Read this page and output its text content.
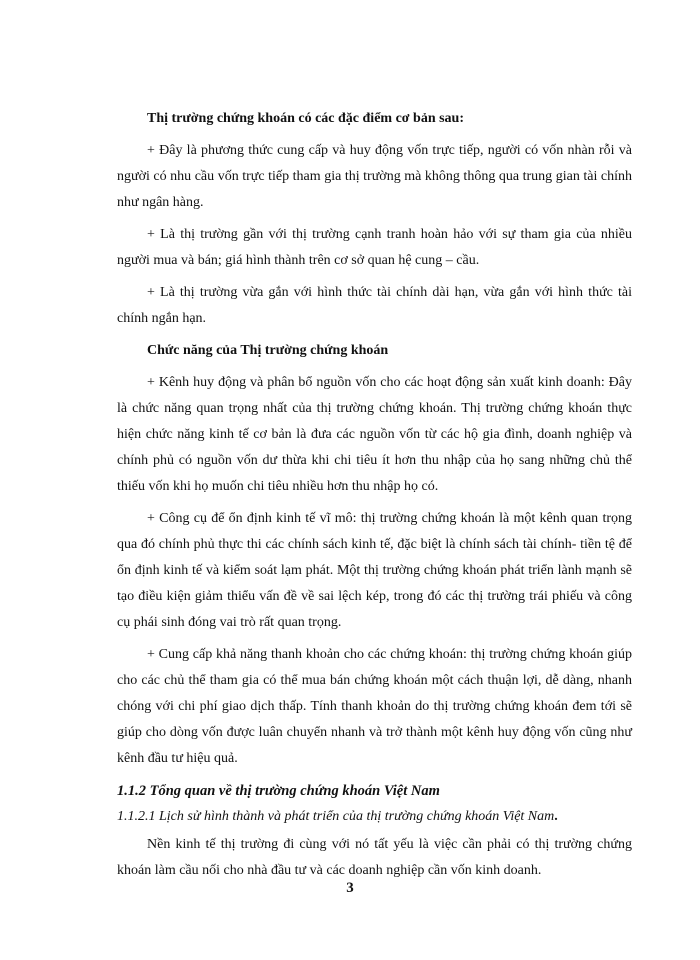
Thị trường chứng khoán có các đặc điểm cơ bản sau:

+ Đây là phương thức cung cấp và huy động vốn trực tiếp, người có vốn nhàn rỗi và người có nhu cầu vốn trực tiếp tham gia thị trường mà không thông qua trung gian tài chính như ngân hàng.

+ Là thị trường gần với thị trường cạnh tranh hoàn hảo với sự tham gia của nhiều người mua và bán; giá hình thành trên cơ sở quan hệ cung – cầu.

+ Là thị trường vừa gắn với hình thức tài chính dài hạn, vừa gắn với hình thức tài chính ngắn hạn.

Chức năng của Thị trường chứng khoán

+ Kênh huy động và phân bổ nguồn vốn cho các hoạt động sản xuất kinh doanh: Đây là chức năng quan trọng nhất của thị trường chứng khoán. Thị trường chứng khoán thực hiện chức năng kinh tế cơ bản là đưa các nguồn vốn từ các hộ gia đình, doanh nghiệp và chính phủ có nguồn vốn dư thừa khi chi tiêu ít hơn thu nhập của họ sang những chủ thể thiếu vốn khi họ muốn chi tiêu nhiều hơn thu nhập họ có.

+ Công cụ để ổn định kinh tế vĩ mô: thị trường chứng khoán là một kênh quan trọng qua đó chính phủ thực thi các chính sách kinh tế, đặc biệt là chính sách tài chính- tiền tệ để ổn định kinh tế và kiểm soát lạm phát. Một thị trường chứng khoán phát triển lành mạnh sẽ tạo điều kiện giảm thiểu vấn đề về sai lệch kép, trong đó các thị trường trái phiếu và công cụ phái sinh đóng vai trò rất quan trọng.

+ Cung cấp khả năng thanh khoản cho các chứng khoán: thị trường chứng khoán giúp cho các chủ thể tham gia có thể mua bán chứng khoán một cách thuận lợi, dễ dàng, nhanh chóng với chi phí giao dịch thấp. Tính thanh khoản do thị trường chứng khoán đem tới sẽ giúp cho dòng vốn được luân chuyển nhanh và trở thành một kênh huy động vốn cũng như kênh đầu tư hiệu quả.

1.1.2 Tổng quan về thị trường chứng khoán Việt Nam

1.1.2.1 Lịch sử hình thành và phát triển của thị trường chứng khoán Việt Nam.

Nền kinh tế thị trường đi cùng với nó tất yếu là việc cần phải có thị trường chứng khoán làm cầu nối cho nhà đầu tư và các doanh nghiệp cần vốn kinh doanh.

3
